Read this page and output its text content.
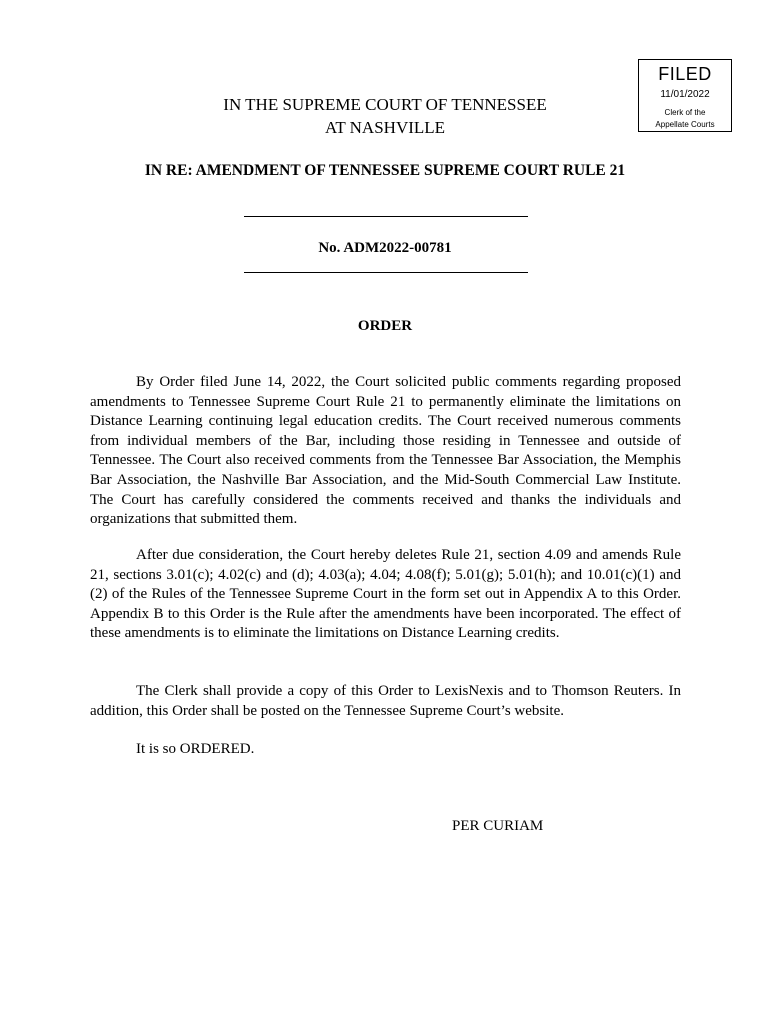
FILED
11/01/2022
Clerk of the
Appellate Courts
IN THE SUPREME COURT OF TENNESSEE
AT NASHVILLE
IN RE: AMENDMENT OF TENNESSEE SUPREME COURT RULE 21
No. ADM2022-00781
ORDER

By Order filed June 14, 2022, the Court solicited public comments regarding proposed amendments to Tennessee Supreme Court Rule 21 to permanently eliminate the limitations on Distance Learning continuing legal education credits. The Court received numerous comments from individual members of the Bar, including those residing in Tennessee and outside of Tennessee. The Court also received comments from the Tennessee Bar Association, the Memphis Bar Association, the Nashville Bar Association, and the Mid-South Commercial Law Institute. The Court has carefully considered the comments received and thanks the individuals and organizations that submitted them.

After due consideration, the Court hereby deletes Rule 21, section 4.09 and amends Rule 21, sections 3.01(c); 4.02(c) and (d); 4.03(a); 4.04; 4.08(f); 5.01(g); 5.01(h); and 10.01(c)(1) and (2) of the Rules of the Tennessee Supreme Court in the form set out in Appendix A to this Order. Appendix B to this Order is the Rule after the amendments have been incorporated. The effect of these amendments is to eliminate the limitations on Distance Learning credits.

The Clerk shall provide a copy of this Order to LexisNexis and to Thomson Reuters. In addition, this Order shall be posted on the Tennessee Supreme Court’s website.

It is so ORDERED.

PER CURIAM
